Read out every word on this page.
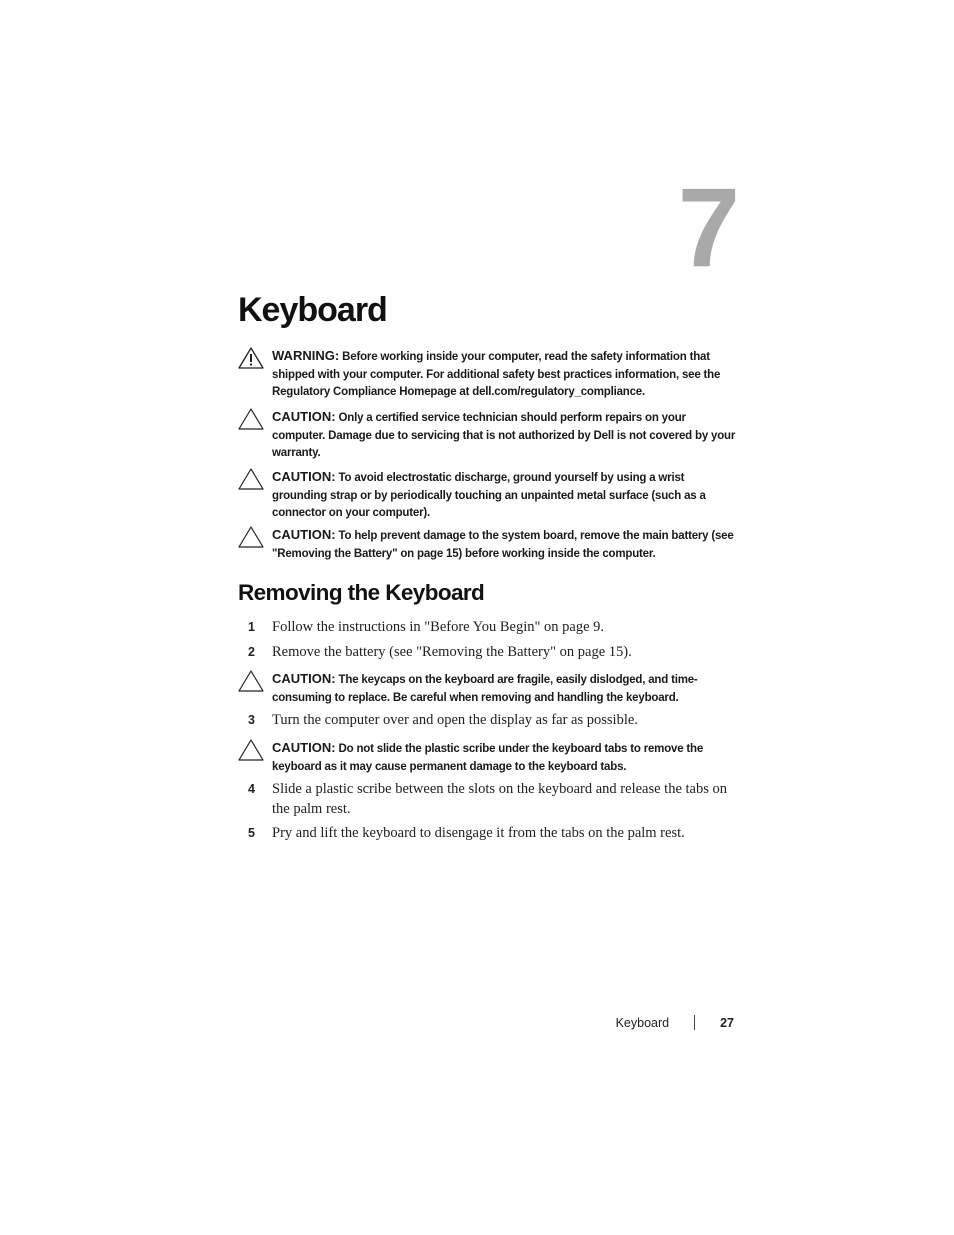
7
Keyboard
WARNING: Before working inside your computer, read the safety information that shipped with your computer. For additional safety best practices information, see the Regulatory Compliance Homepage at dell.com/regulatory_compliance.
CAUTION: Only a certified service technician should perform repairs on your computer. Damage due to servicing that is not authorized by Dell is not covered by your warranty.
CAUTION: To avoid electrostatic discharge, ground yourself by using a wrist grounding strap or by periodically touching an unpainted metal surface (such as a connector on your computer).
CAUTION: To help prevent damage to the system board, remove the main battery (see "Removing the Battery" on page 15) before working inside the computer.
Removing the Keyboard
1 Follow the instructions in "Before You Begin" on page 9.
2 Remove the battery (see "Removing the Battery" on page 15).
CAUTION: The keycaps on the keyboard are fragile, easily dislodged, and time-consuming to replace. Be careful when removing and handling the keyboard.
3 Turn the computer over and open the display as far as possible.
CAUTION: Do not slide the plastic scribe under the keyboard tabs to remove the keyboard as it may cause permanent damage to the keyboard tabs.
4 Slide a plastic scribe between the slots on the keyboard and release the tabs on the palm rest.
5 Pry and lift the keyboard to disengage it from the tabs on the palm rest.
Keyboard	27
